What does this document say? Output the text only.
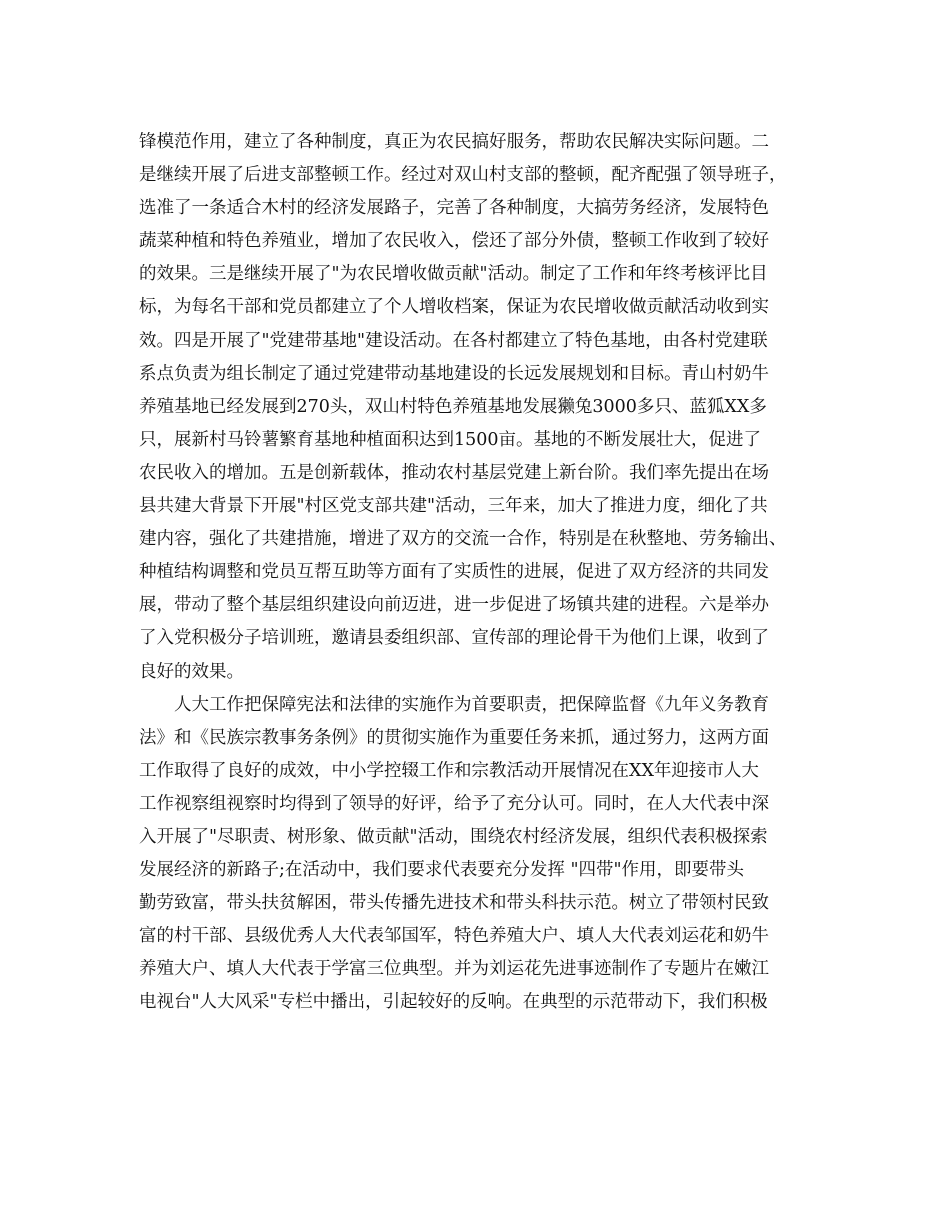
锋模范作用，建立了各种制度，真正为农民搞好服务，帮助农民解决实际问题。二
是继续开展了后进支部整顿工作。经过对双山村支部的整顿，配齐配强了领导班子，
选准了一条适合木村的经济发展路子，完善了各种制度，大搞劳务经济，发展特色
蔬菜种植和特色养殖业，增加了农民收入，偿还了部分外债，整顿工作收到了较好
的效果。三是继续开展了"为农民增收做贡献"活动。制定了工作和年终考核评比目
标，为每名干部和党员都建立了个人增收档案，保证为农民增收做贡献活动收到实
效。四是开展了"党建带基地"建设活动。在各村都建立了特色基地，由各村党建联
系点负责为组长制定了通过党建带动基地建设的长远发展规划和目标。青山村奶牛
养殖基地已经发展到270头，双山村特色养殖基地发展獭兔3000多只、蓝狐XX多
只，展新村马铃薯繁育基地种植面积达到1500亩。基地的不断发展壮大，促进了
农民收入的增加。五是创新载体，推动农村基层党建上新台阶。我们率先提出在场
县共建大背景下开展"村区党支部共建"活动，三年来，加大了推进力度，细化了共
建内容，强化了共建措施，增进了双方的交流一合作，特别是在秋整地、劳务输出、
种植结构调整和党员互帮互助等方面有了实质性的进展，促进了双方经济的共同发
展，带动了整个基层组织建设向前迈进，进一步促进了场镇共建的进程。六是举办
了入党积极分子培训班，邀请县委组织部、宣传部的理论骨干为他们上课，收到了
良好的效果。
人大工作把保障宪法和法律的实施作为首要职责，把保障监督《九年义务教育
法》和《民族宗教事务条例》的贯彻实施作为重要任务来抓，通过努力，这两方面
工作取得了良好的成效，中小学控辍工作和宗教活动开展情况在XX年迎接市人大
工作视察组视察时均得到了领导的好评，给予了充分认可。同时，在人大代表中深
入开展了"尽职责、树形象、做贡献"活动，围绕农村经济发展，组织代表积极探索
发展经济的新路子;在活动中，我们要求代表要充分发挥 "四带"作用，即要带头
勤劳致富，带头扶贫解困，带头传播先进技术和带头科扶示范。树立了带领村民致
富的村干部、县级优秀人大代表邹国军，特色养殖大户、填人大代表刘运花和奶牛
养殖大户、填人大代表于学富三位典型。并为刘运花先进事迹制作了专题片在嫩江
电视台"人大风采"专栏中播出，引起较好的反响。在典型的示范带动下，我们积极
